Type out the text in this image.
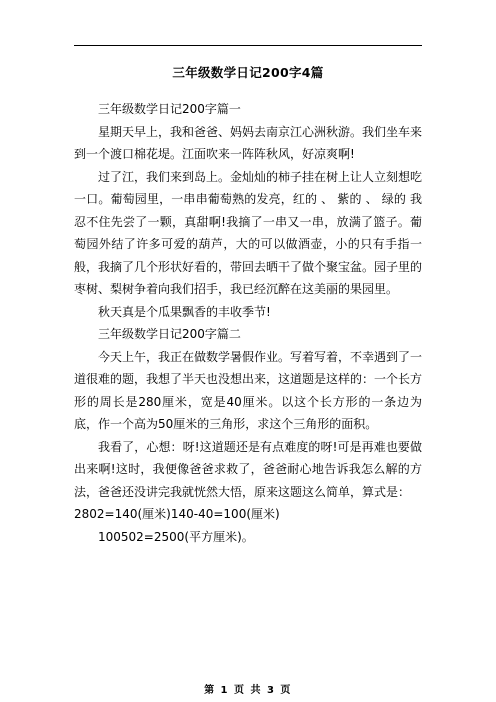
三年级数学日记200字4篇

三年级数学日记200字篇一

星期天早上，我和爸爸、妈妈去南京江心洲秋游。我们坐车来到一个渡口棉花堤。江面吹来一阵阵秋风，好凉爽啊!

过了江，我们来到岛上。金灿灿的柿子挂在树上让人立刻想吃一口。葡萄园里，一串串葡萄熟的发亮，红的 、 紫的 、 绿的 我忍不住先尝了一颗，真甜啊!我摘了一串又一串，放满了篮子。葡萄园外结了许多可爱的葫芦，大的可以做酒壶，小的只有手指一般，我摘了几个形状好看的，带回去晒干了做个聚宝盆。园子里的枣树、梨树争着向我们招手，我已经沉醉在这美丽的果园里。

秋天真是个瓜果飘香的丰收季节!

三年级数学日记200字篇二

今天上午，我正在做数学暑假作业。写着写着，不幸遇到了一道很难的题，我想了半天也没想出来，这道题是这样的：一个长方形的周长是280厘米，宽是40厘米。以这个长方形的一条边为底，作一个高为50厘米的三角形，求这个三角形的面积。

我看了，心想：呀!这道题还是有点难度的呀!可是再难也要做出来啊!这时，我便像爸爸求救了，爸爸耐心地告诉我怎么解的方法，爸爸还没讲完我就恍然大悟，原来这题这么简单，算式是：

2802=140(厘米)140-40=100(厘米)

100502=2500(平方厘米)。

第 1 页 共 3 页
